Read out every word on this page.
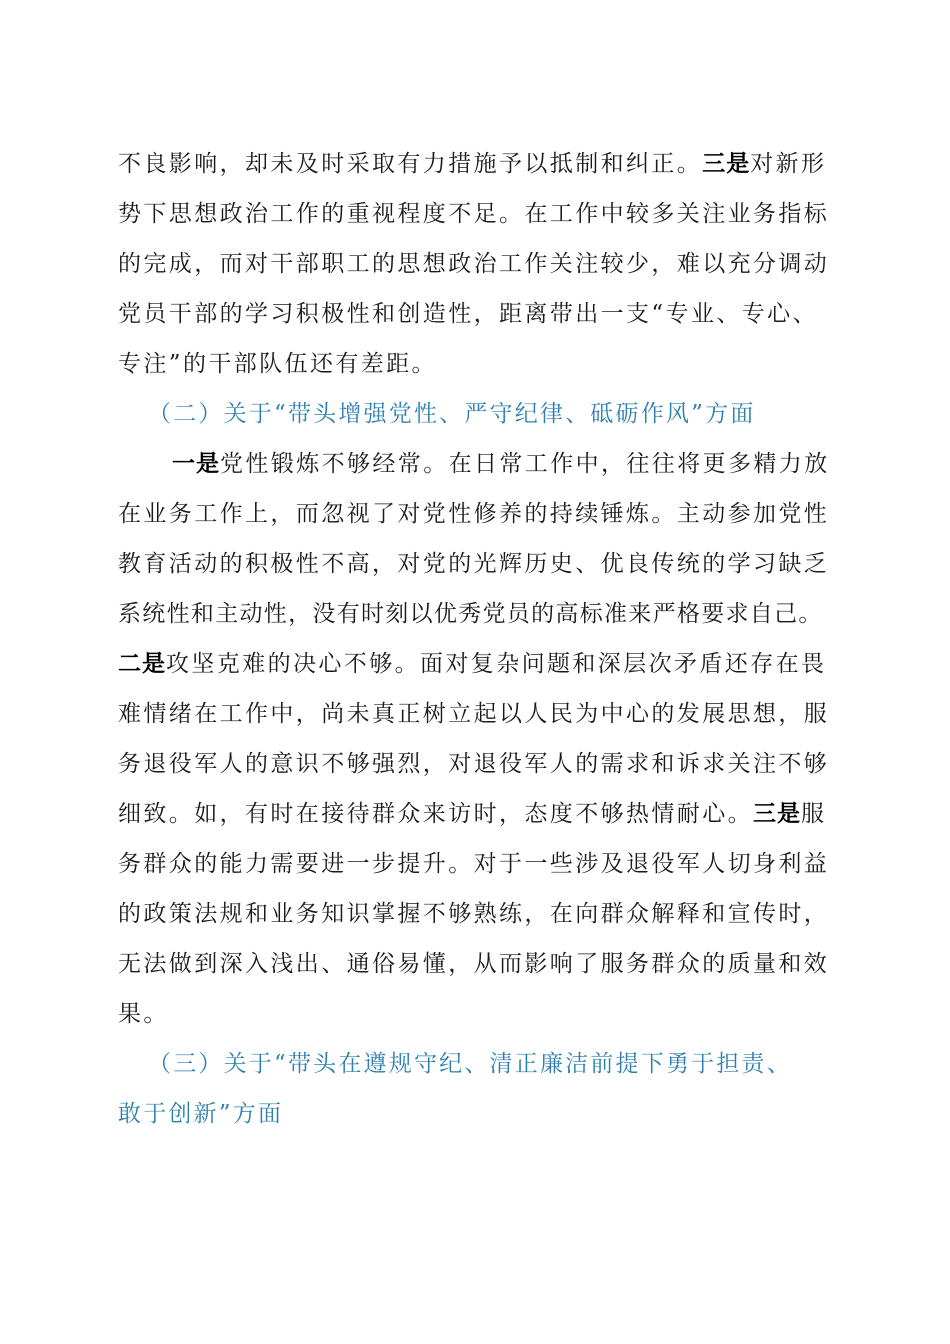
不良影响，却未及时采取有力措施予以抵制和纠正。三是对新形
势下思想政治工作的重视程度不足。在工作中较多关注业务指标
的完成，而对干部职工的思想政治工作关注较少，难以充分调动
党员干部的学习积极性和创造性，距离带出一支“专业、专心、
专注”的干部队伍还有差距。
（二）关于“带头增强党性、严守纪律、砥砺作风”方面
一是党性锻炼不够经常。在日常工作中，往往将更多精力放
在业务工作上，而忽视了对党性修养的持续锤炼。主动参加党性
教育活动的积极性不高，对党的光辉历史、优良传统的学习缺乏
系统性和主动性，没有时刻以优秀党员的高标准来严格要求自己。
二是攻坚克难的决心不够。面对复杂问题和深层次矛盾还存在畏
难情绪在工作中，尚未真正树立起以人民为中心的发展思想，服
务退役军人的意识不够强烈，对退役军人的需求和诉求关注不够
细致。如，有时在接待群众来访时，态度不够热情耐心。三是服
务群众的能力需要进一步提升。对于一些涉及退役军人切身利益
的政策法规和业务知识掌握不够熟练，在向群众解释和宣传时，
无法做到深入浅出、通俗易懂，从而影响了服务群众的质量和效
果。
（三）关于“带头在遵规守纪、清正廉洁前提下勇于担责、
敢于创新”方面
